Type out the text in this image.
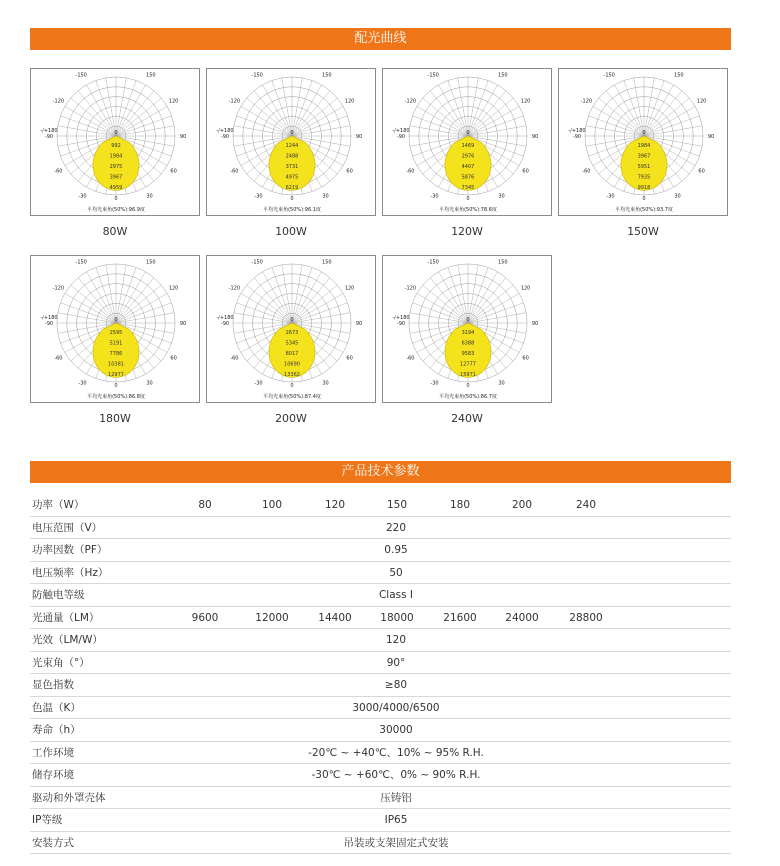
配光曲线
-/+180
-150	150
-120	120
-90	90
-60	60
-30	30
0
0
992
1984
2975
3967
4959
平均光束角(50%):96.9度
80W
-/+180
-150	150
-120	120
-90	90
-60	60
-30	30
0
0
1244
2488
3731
4975
6219
平均光束角(50%):96.1度
100W
-/+180
-150	150
-120	120
-90	90
-60	60
-30	30
0
0
1469
2976
4407
5876
7345
平均光束角(50%):78.6度
120W
-/+180
-150	150
-120	120
-90	90
-60	60
-30	30
0
0
1984
3967
5951
7935
9918
平均光束角(50%):93.7度
150W
-/+180
-150	150
-120	120
-90	90
-60	60
-30	30
0
0
2595
5191
7786
10381
12977
平均光束角(50%):86.8度
180W
-/+180
-150	150
-120	120
-90	90
-60	60
-30	30
0
0
2673
5345
8017
10690
13362
平均光束角(50%):87.4度
200W
-/+180
-150	150
-120	120
-90	90
-60	60
-30	30
0
0
3194
6388
9583
12777
15971
平均光束角(50%):86.7度
240W
产品技术参数
功率（W）	80	100	120	150	180	200	240
电压范围（V）	220
功率因数（PF）	0.95
电压频率（Hz）	50
防触电等级	Class Ⅰ
光通量（LM）	9600	12000	14400	18000	21600	24000	28800
光效（LM/W）	120
光束角（°）	90°
显色指数	≥80
色温（K）	3000/4000/6500
寿命（h）	30000
工作环境	-20℃ ~ +40℃、10% ~ 95% R.H.
储存环境	-30℃ ~ +60℃、0% ~ 90% R.H.
驱动和外罩壳体	压铸铝
IP等级	IP65
安装方式	吊装或支架固定式安装
